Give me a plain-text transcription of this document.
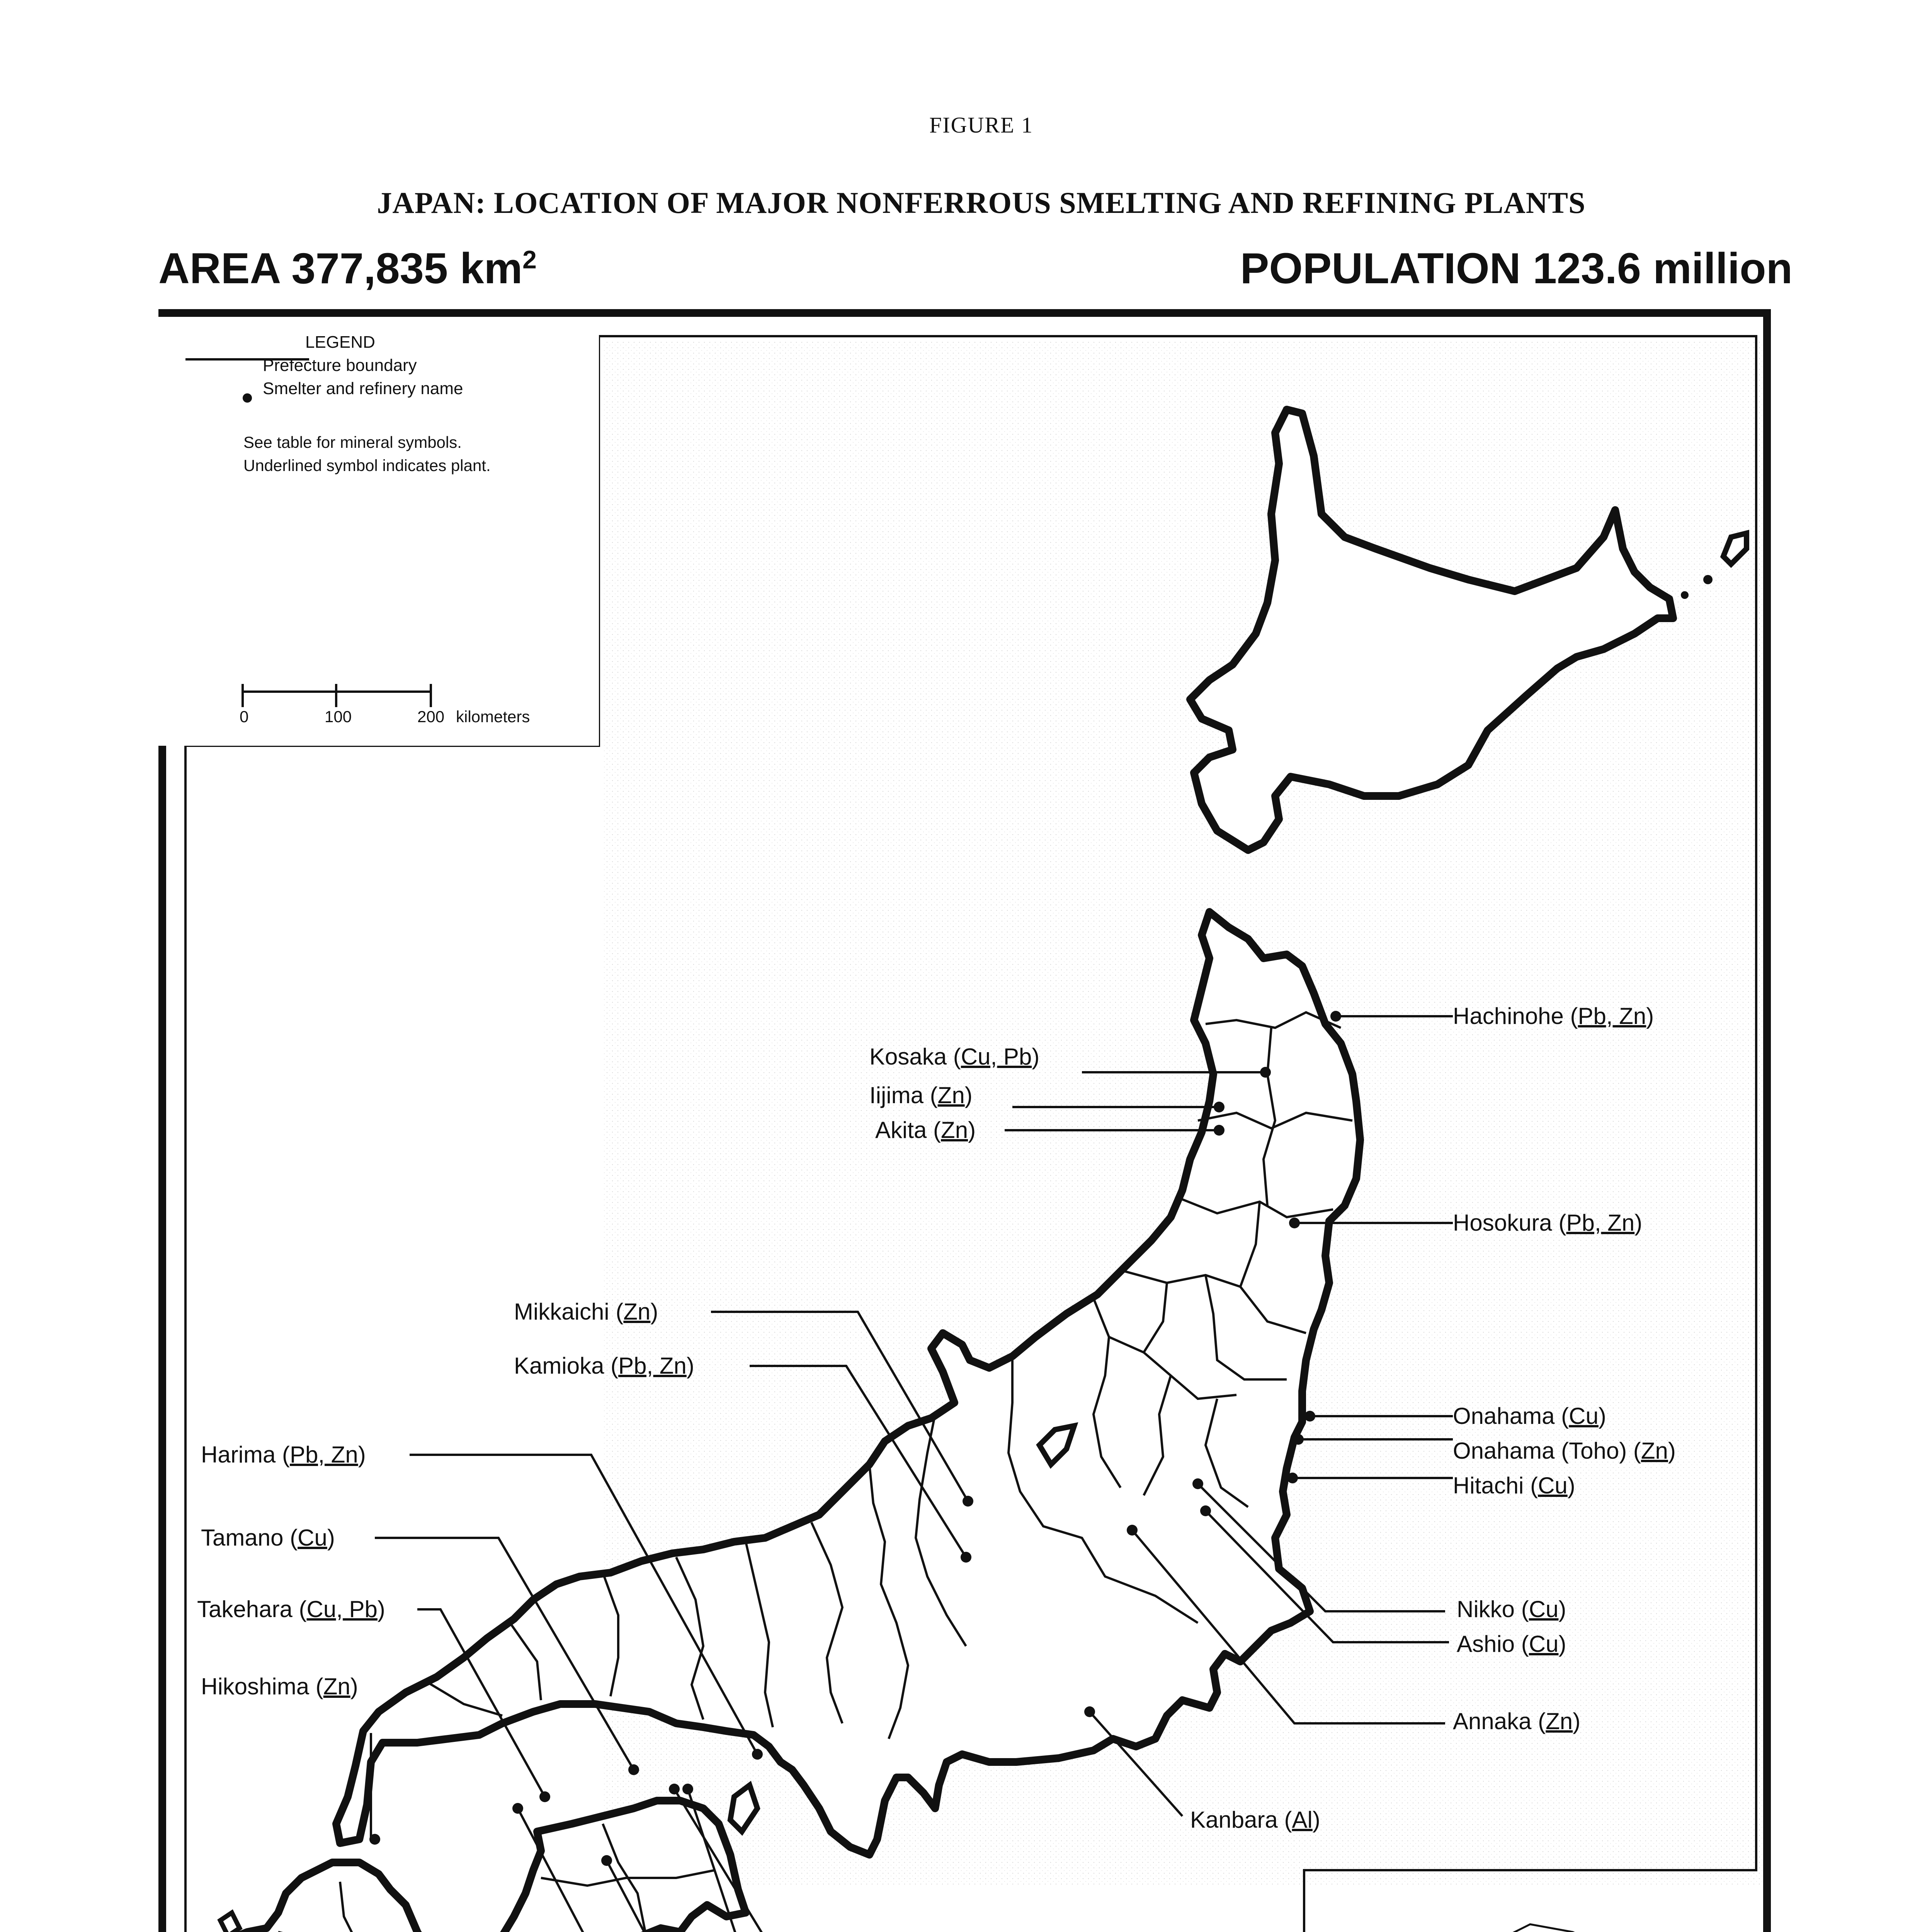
FIGURE 1
JAPAN: LOCATION OF MAJOR NONFERROUS SMELTING AND REFINING PLANTS
AREA 377,835 $km^2$	POPULATION 123.6 million
LEGEND
Prefecture boundary
Smelter and refinery name
See table for mineral symbols.
Underlined symbol indicates plant.
0	100	200 kilometers
Hachinohe (Pb, Zn)
Kosaka (Cu, Pb)
Iijima (Zn)
Akita (Zn)
Hosokura (Pb, Zn)
Mikkaichi (Zn)
Kamioka (Pb, Zn)
Onahama (Cu)
Onahama (Toho) (Zn)
Hitachi (Cu)
Harima (Pb, Zn)
Tamano (Cu)
Takehara (Cu, Pb)
Hikoshima (Zn)
Nikko (Cu)
Ashio (Cu)
Annaka (Zn)
Kanbara (Al)
